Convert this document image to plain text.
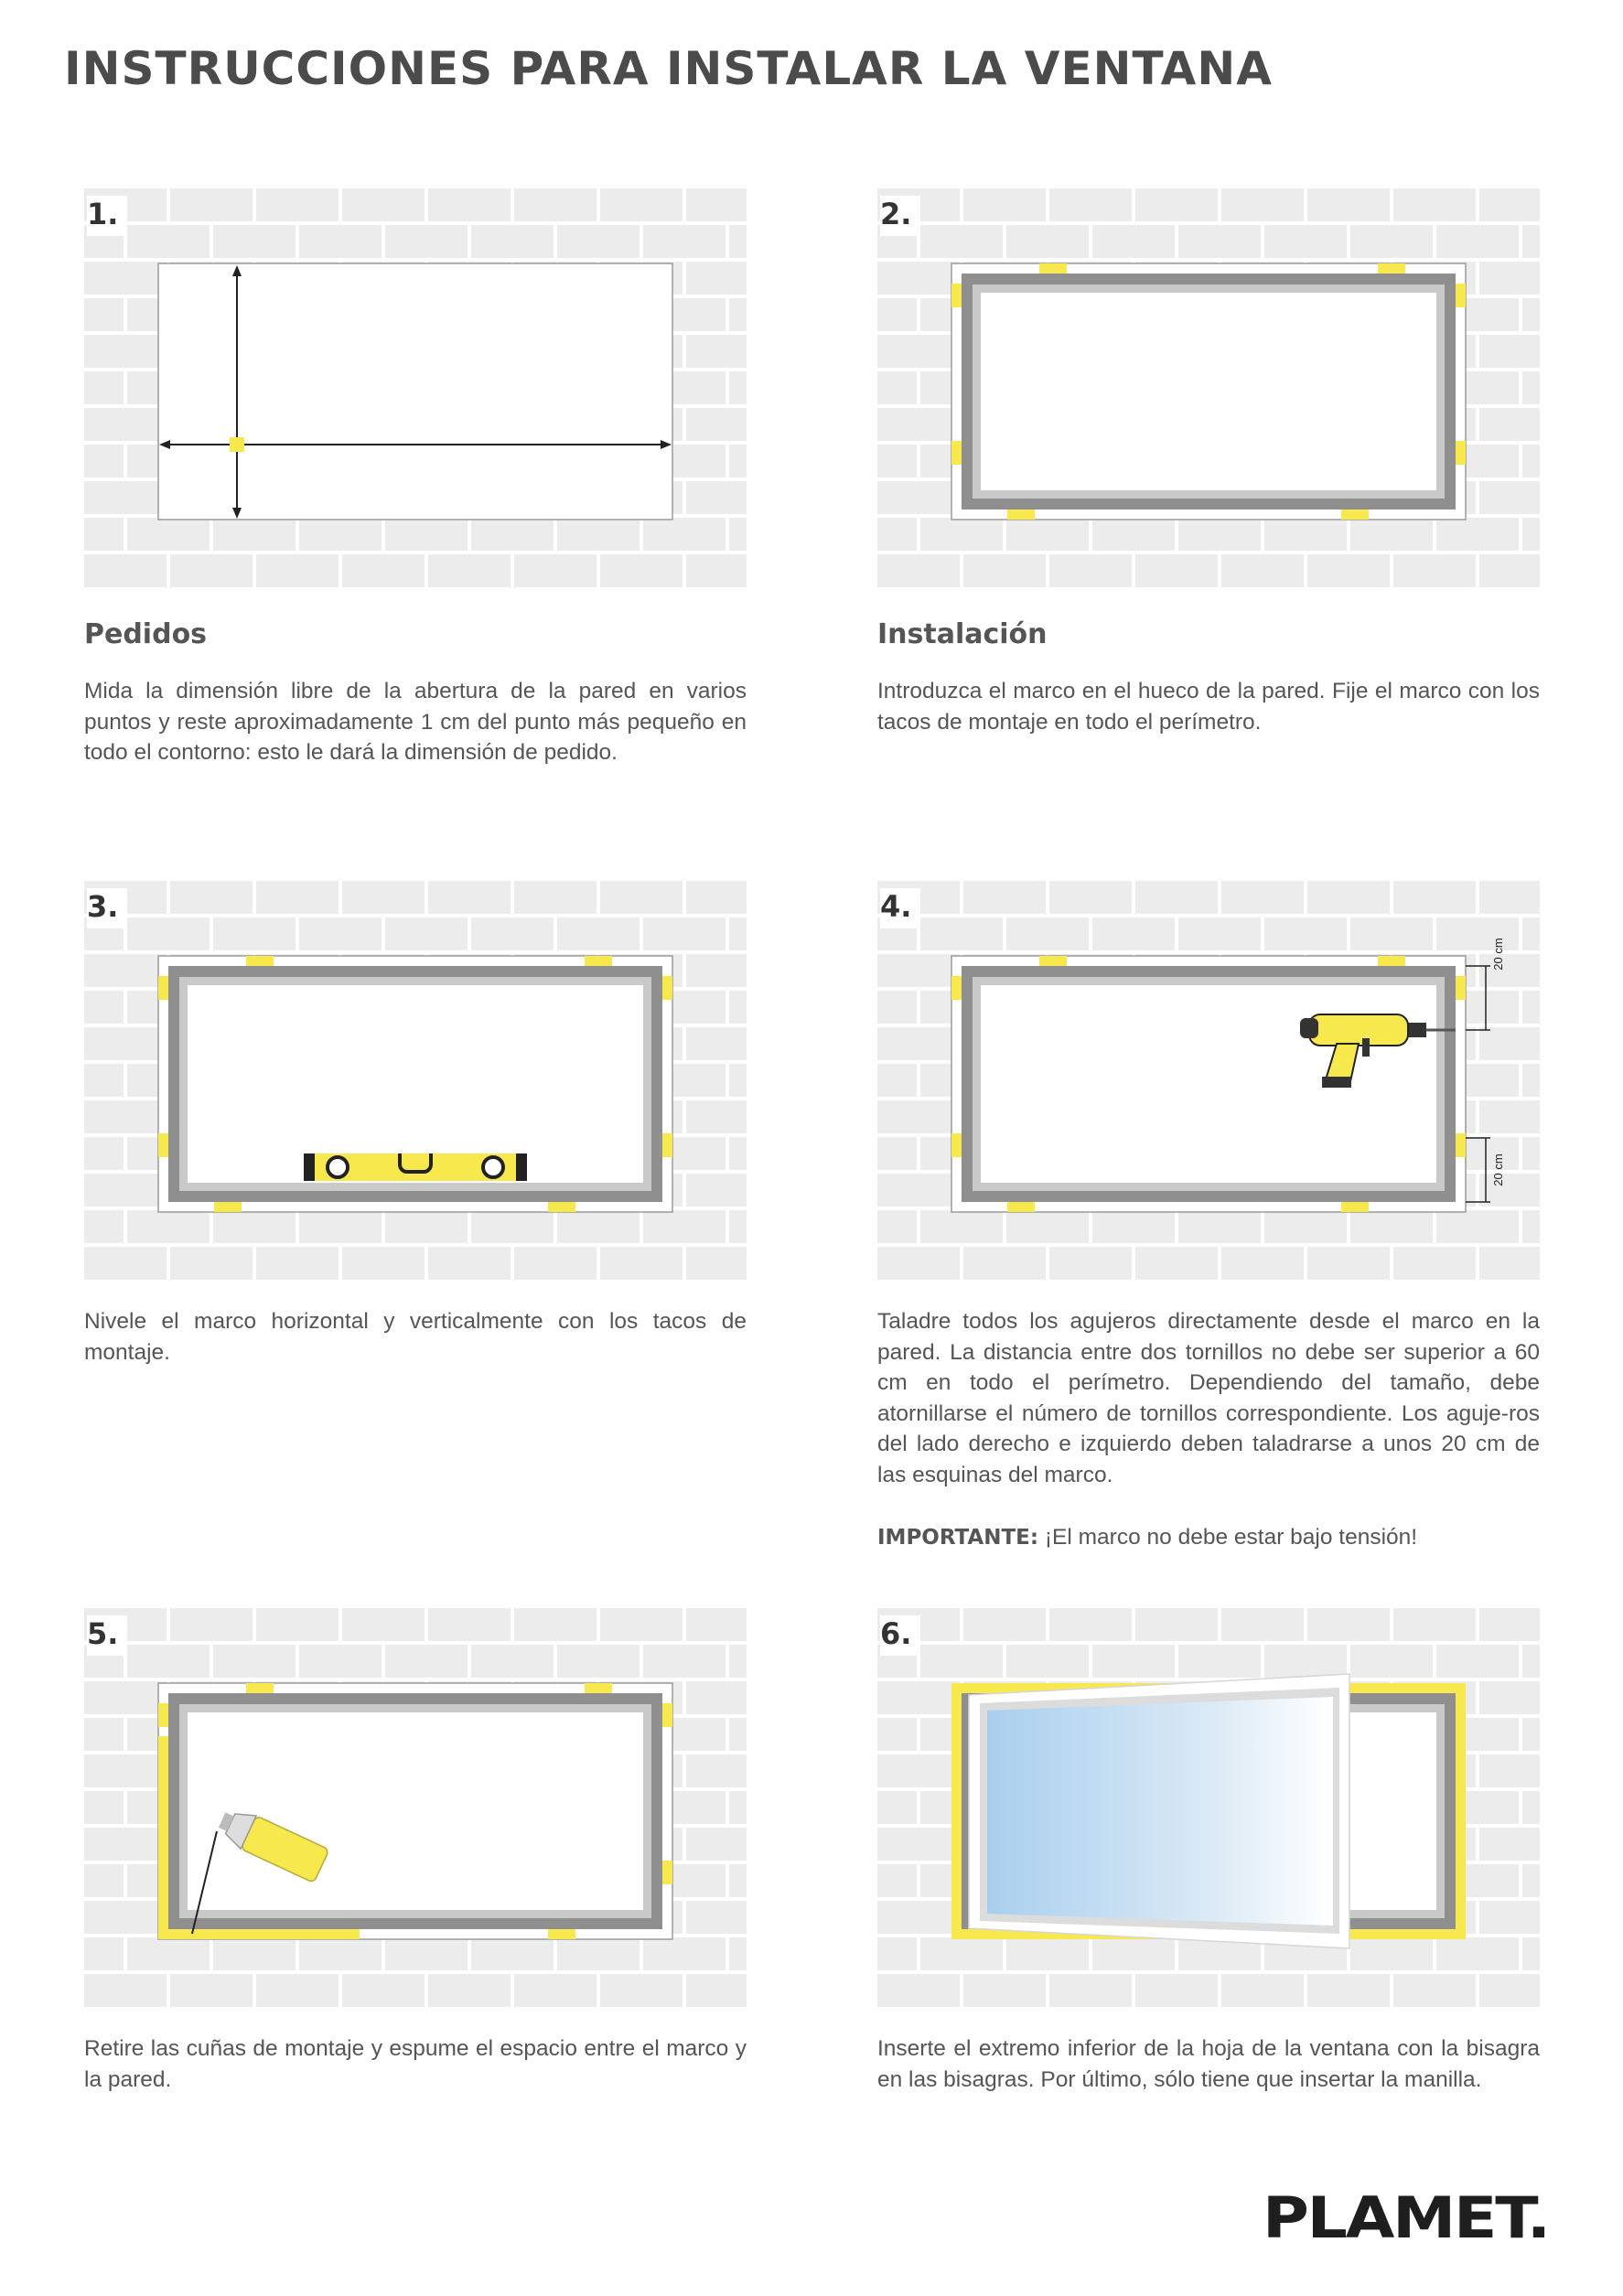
INSTRUCCIONES PARA INSTALAR LA VENTANA
1.
Pedidos

Mida la dimensión libre de la abertura de la pared en varios puntos y reste aproximadamente 1 cm del punto más pequeño en todo el contorno: esto le dará la dimensión de pedido.

2.
Instalación

Introduzca el marco en el hueco de la pared. Fije el marco con los tacos de montaje en todo el perímetro.

3.

Nivele el marco horizontal y verticalmente con los tacos de montaje.

20 cm
20 cm
4.

Taladre todos los agujeros directamente desde el marco en la pared. La distancia entre dos tornillos no debe ser superior a 60 cm en todo el perímetro. Dependiendo del tamaño, debe atornillarse el número de tornillos correspondiente. Los aguje-ros del lado derecho e izquierdo deben taladrarse a unos 20 cm de las esquinas del marco.

IMPORTANTE: ¡El marco no debe estar bajo tensión!

5.

Retire las cuñas de montaje y espume el espacio entre el marco y la pared.

6.

Inserte el extremo inferior de la hoja de la ventana con la bisagra en las bisagras. Por último, sólo tiene que insertar la manilla.

PLAMET.
